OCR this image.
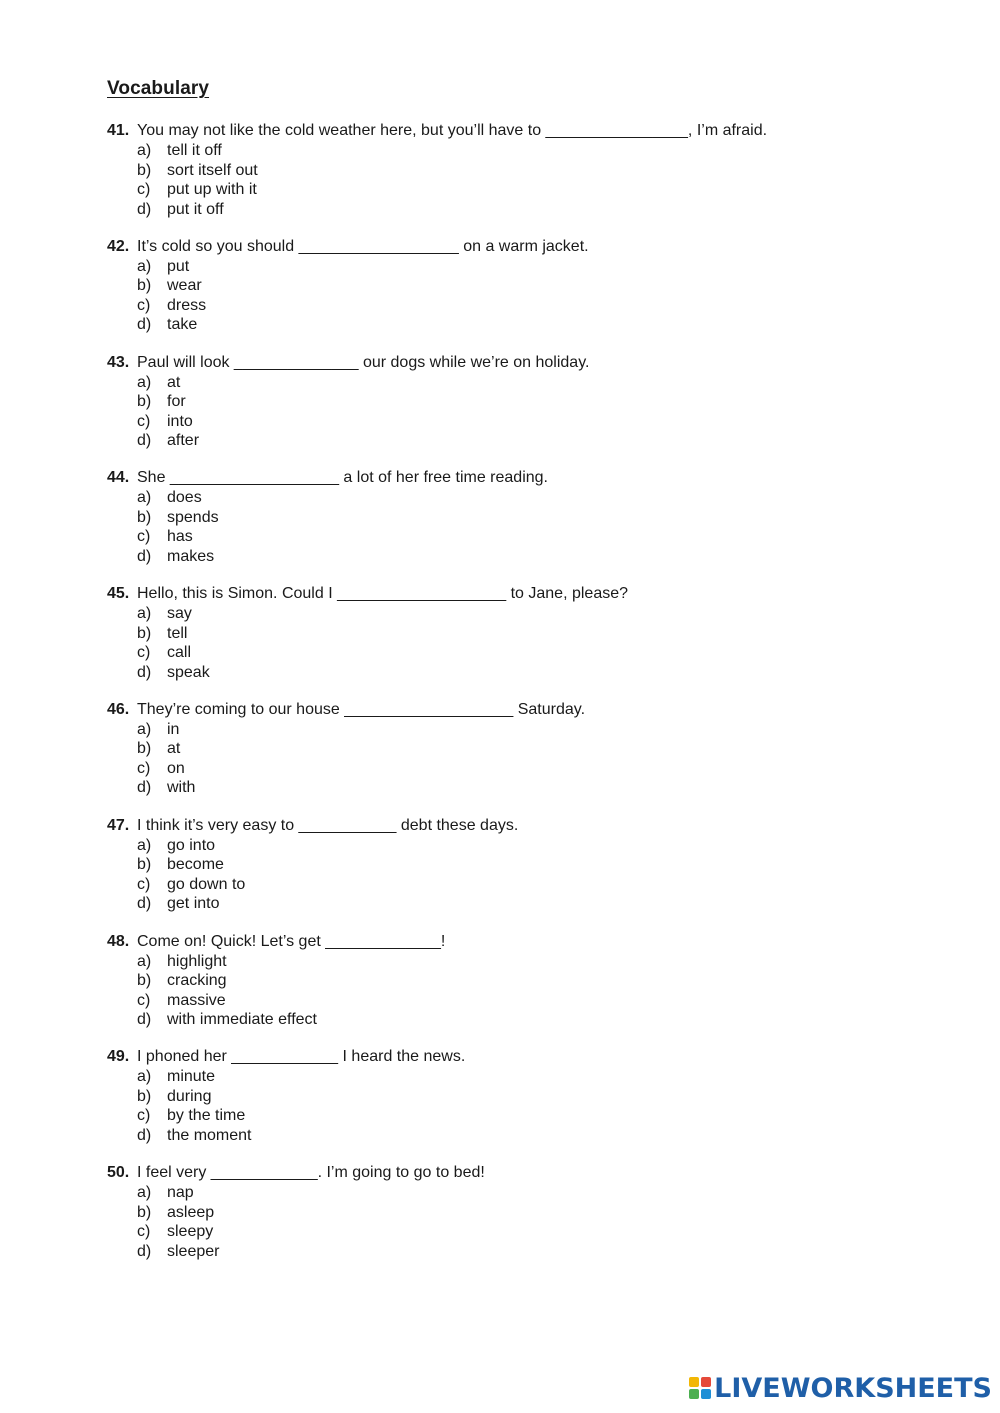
Vocabulary
41. You may not like the cold weather here, but you’ll have to ________________, I’m afraid.
a) tell it off
b) sort itself out
c) put up with it
d) put it off
42. It’s cold so you should __________________ on a warm jacket.
a) put
b) wear
c) dress
d) take
43. Paul will look ______________ our dogs while we’re on holiday.
a) at
b) for
c) into
d) after
44. She ___________________ a lot of her free time reading.
a) does
b) spends
c) has
d) makes
45. Hello, this is Simon. Could I ___________________ to Jane, please?
a) say
b) tell
c) call
d) speak
46. They’re coming to our house ___________________ Saturday.
a) in
b) at
c) on
d) with
47. I think it’s very easy to ___________ debt these days.
a) go into
b) become
c) go down to
d) get into
48. Come on! Quick! Let’s get _____________!
a) highlight
b) cracking
c) massive
d) with immediate effect
49. I phoned her ____________ I heard the news.
a) minute
b) during
c) by the time
d) the moment
50. I feel very ____________. I’m going to go to bed!
a) nap
b) asleep
c) sleepy
d) sleeper
LIVEWORKSHEETS
